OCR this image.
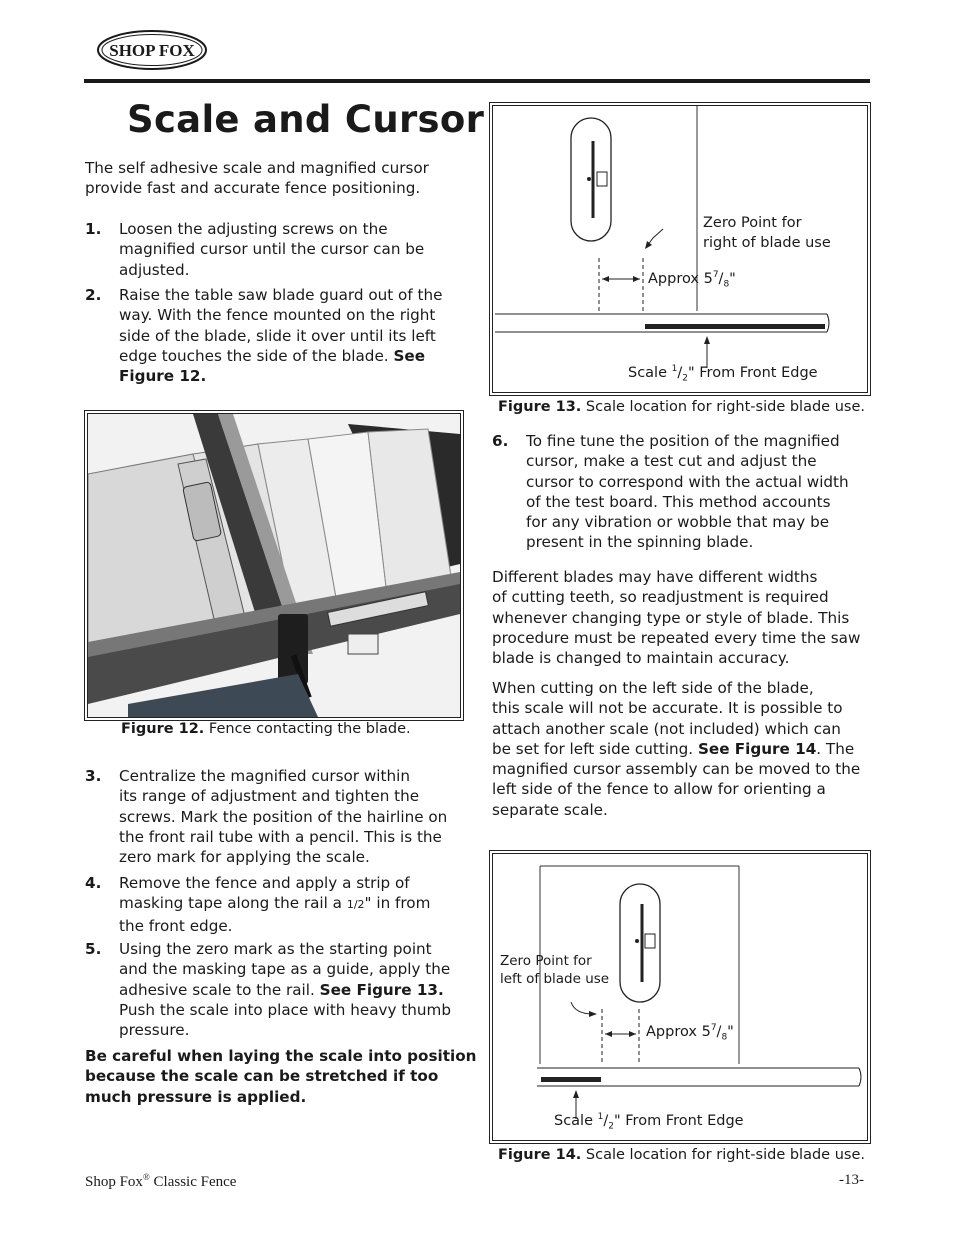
SHOP FOX
Scale and Cursor
The self adhesive scale and magnified cursor
provide fast and accurate fence positioning.
1. Loosen the adjusting screws on the
magnified cursor until the cursor can be
adjusted.
2. Raise the table saw blade guard out of the
way. With the fence mounted on the right
side of the blade, slide it over until its left
edge touches the side of the blade. See
Figure 12.
Figure 12. Fence contacting the blade.
3. Centralize the magnified cursor within
its range of adjustment and tighten the
screws. Mark the position of the hairline on
the front rail tube with a pencil. This is the
zero mark for applying the scale.
4. Remove the fence and apply a strip of
masking tape along the rail a 1/2" in from
the front edge.
5. Using the zero mark as the starting point
and the masking tape as a guide, apply the
adhesive scale to the rail. See Figure 13.
Push the scale into place with heavy thumb
pressure.
Be careful when laying the scale into position
because the scale can be stretched if too
much pressure is applied.
Zero Point for
right of blade use
Approx $5^7/_8$"
Scale $^1/_2$" From Front Edge
Figure 13. Scale location for right-side blade use.
6. To fine tune the position of the magnified
cursor, make a test cut and adjust the
cursor to correspond with the actual width
of the test board. This method accounts
for any vibration or wobble that may be
present in the spinning blade.
Different blades may have different widths
of cutting teeth, so readjustment is required
whenever changing type or style of blade. This
procedure must be repeated every time the saw
blade is changed to maintain accuracy.
When cutting on the left side of the blade,
this scale will not be accurate. It is possible to
attach another scale (not included) which can
be set for left side cutting. See Figure 14. The
magnified cursor assembly can be moved to the
left side of the fence to allow for orienting a
separate scale.
Zero Point for
left of blade use
Approx $5^7/_8$"
Scale $^1/_2$" From Front Edge
Figure 14. Scale location for right-side blade use.
Shop Fox® Classic Fence	-13-
